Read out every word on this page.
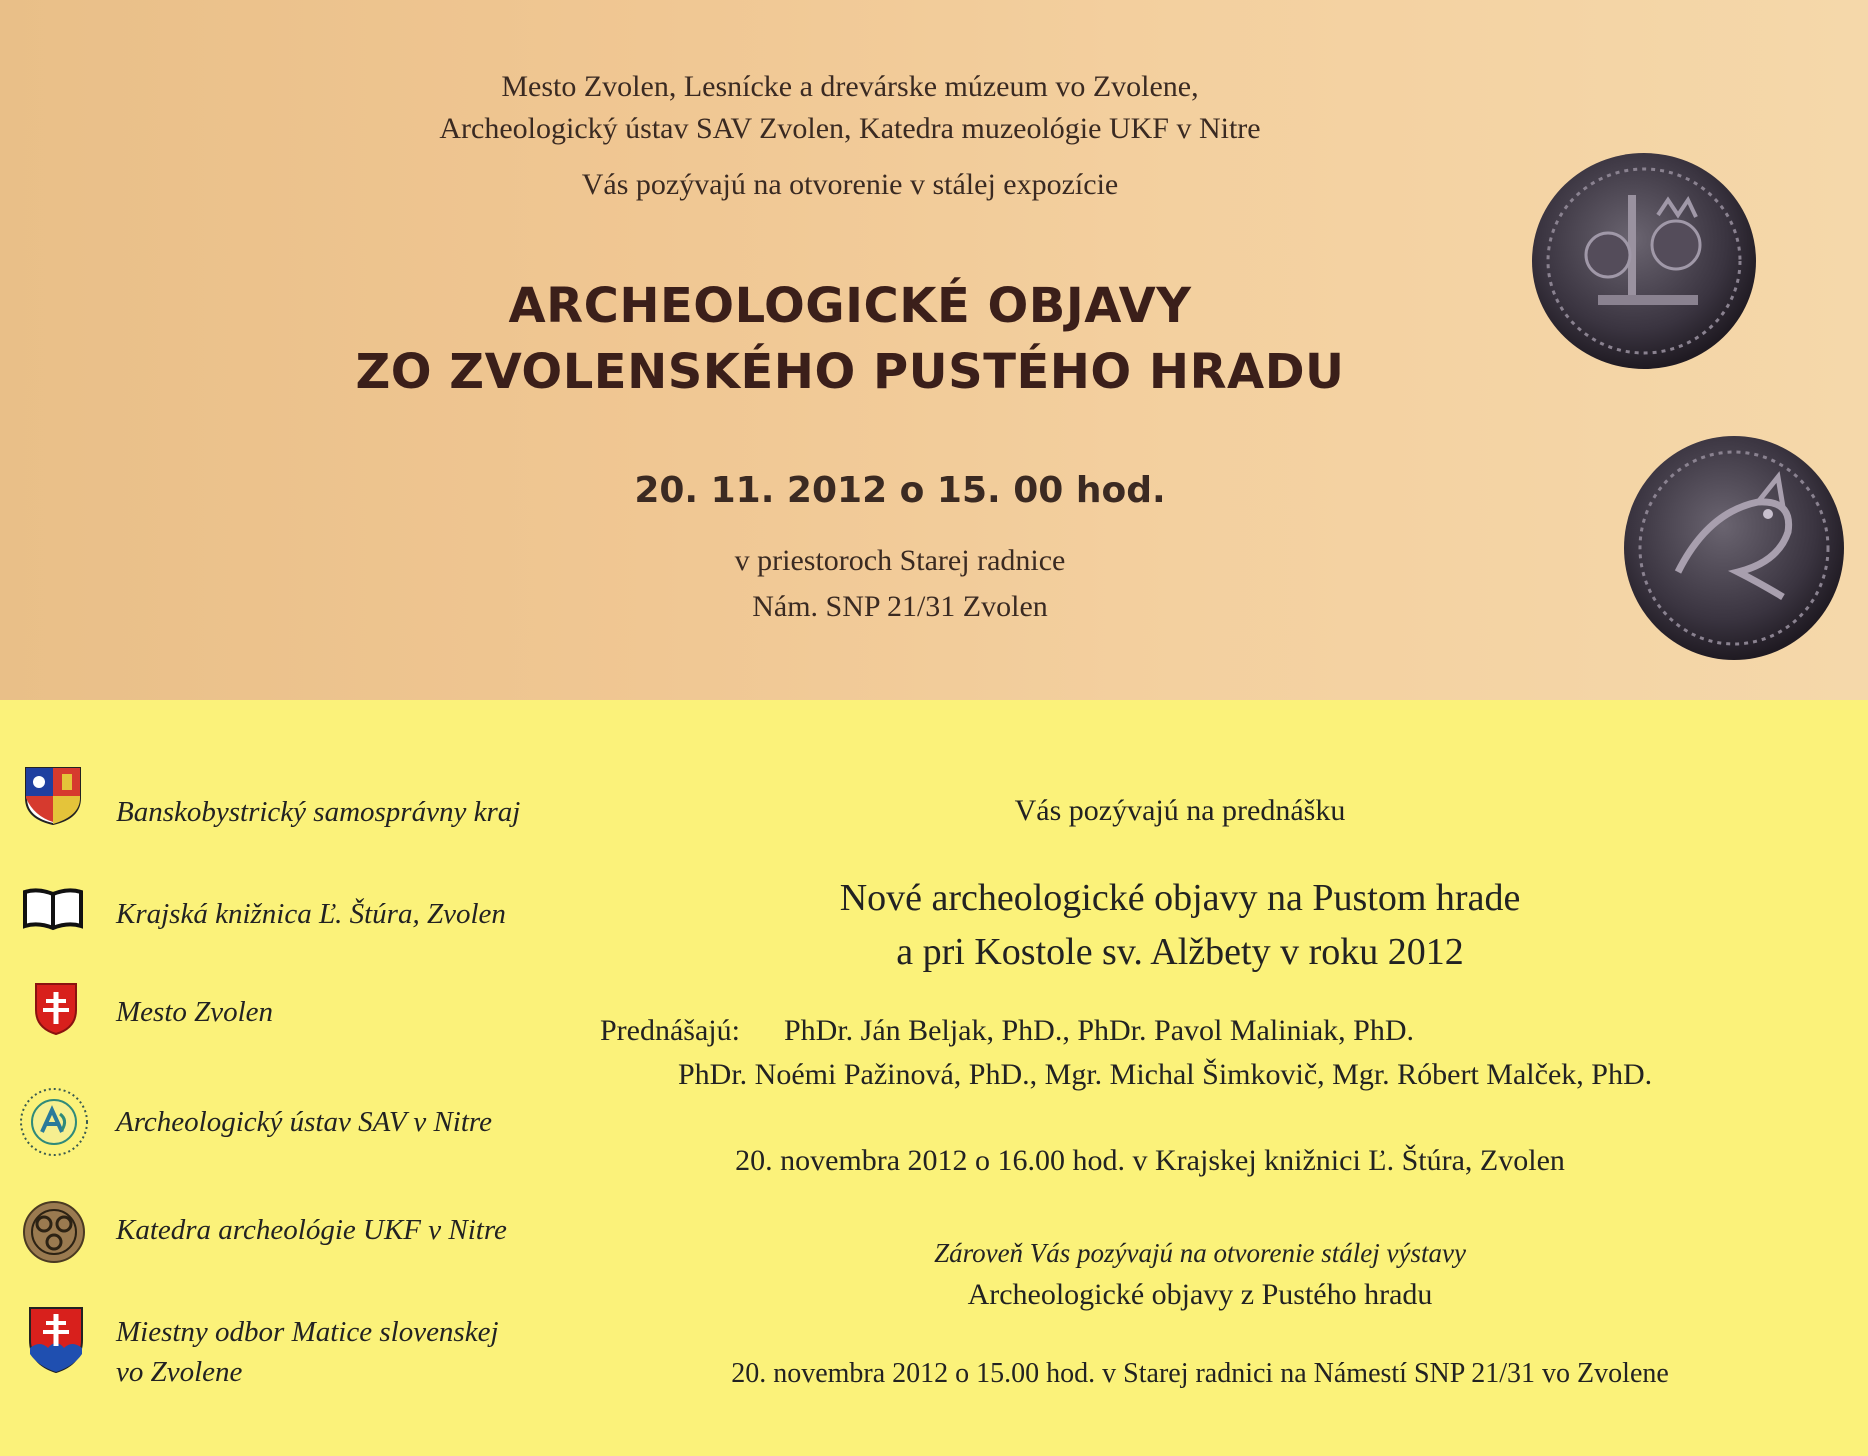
Mesto Zvolen, Lesnícke a drevárske múzeum vo Zvolene,
Archeologický ústav SAV Zvolen, Katedra muzeológie UKF v Nitre
Vás pozývajú na otvorenie v stálej expozície
ARCHEOLOGICKÉ OBJAVY
ZO ZVOLENSKÉHO PUSTÉHO HRADU
20. 11. 2012 o 15. 00 hod.
v priestoroch Starej radnice
Nám. SNP 21/31 Zvolen
Banskobystrický samosprávny kraj
Krajská knižnica Ľ. Štúra, Zvolen
Mesto Zvolen
Archeologický ústav SAV v Nitre
Katedra archeológie UKF v Nitre
Miestny odbor Matice slovenskej
vo Zvolene
Vás pozývajú na prednášku
Nové archeologické objavy na Pustom hrade
a pri Kostole sv. Alžbety v roku 2012
Prednášajú: PhDr. Ján Beljak, PhD., PhDr. Pavol Maliniak, PhD.
PhDr. Noémi Pažinová, PhD., Mgr. Michal Šimkovič, Mgr. Róbert Malček, PhD.
20. novembra 2012 o 16.00 hod. v Krajskej knižnici Ľ. Štúra, Zvolen
Zároveň Vás pozývajú na otvorenie stálej výstavy
Archeologické objavy z Pustého hradu
20. novembra 2012 o 15.00 hod. v Starej radnici na Námestí SNP 21/31 vo Zvolene
